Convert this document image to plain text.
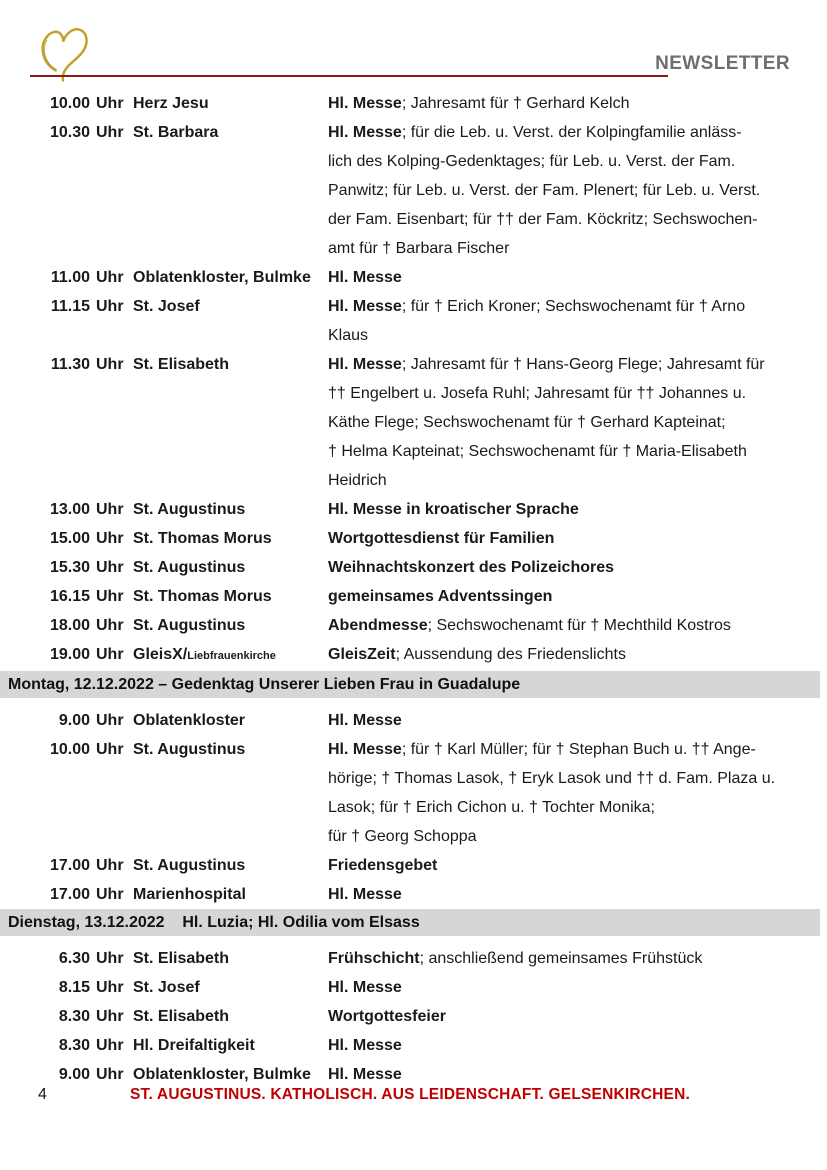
NEWSLETTER
10.00 Uhr Herz Jesu	Hl. Messe; Jahresamt für † Gerhard Kelch
10.30 Uhr St. Barbara	Hl. Messe; für die Leb. u. Verst. der Kolpingfamilie anläss-
lich des Kolping-Gedenktages; für Leb. u. Verst. der Fam.
Panwitz; für Leb. u. Verst. der Fam. Plenert; für Leb. u. Verst.
der Fam. Eisenbart; für †† der Fam. Köckritz; Sechswochen-
amt für † Barbara Fischer
11.00 Uhr Oblatenkloster, Bulmke	Hl. Messe
11.15 Uhr St. Josef	Hl. Messe; für † Erich Kroner; Sechswochenamt für † Arno
Klaus
11.30 Uhr St. Elisabeth	Hl. Messe; Jahresamt für † Hans-Georg Flege; Jahresamt für
†† Engelbert u. Josefa Ruhl; Jahresamt für †† Johannes u.
Käthe Flege; Sechswochenamt für † Gerhard Kapteinat;
† Helma Kapteinat; Sechswochenamt für † Maria-Elisabeth
Heidrich
13.00 Uhr St. Augustinus	Hl. Messe in kroatischer Sprache
15.00 Uhr St. Thomas Morus	Wortgottesdienst für Familien
15.30 Uhr St. Augustinus	Weihnachtskonzert des Polizeichores
16.15 Uhr St. Thomas Morus	gemeinsames Adventssingen
18.00 Uhr St. Augustinus	Abendmesse; Sechswochenamt für † Mechthild Kostros
19.00 Uhr GleisX/Liebfrauenkirche	GleisZeit; Aussendung des Friedenslichts
Montag, 12.12.2022 – Gedenktag Unserer Lieben Frau in Guadalupe
9.00 Uhr Oblatenkloster	Hl. Messe
10.00 Uhr St. Augustinus	Hl. Messe; für † Karl Müller; für † Stephan Buch u. †† Ange-
hörige; † Thomas Lasok, † Eryk Lasok und †† d. Fam. Plaza u.
Lasok; für † Erich Cichon u. † Tochter Monika;
für † Georg Schoppa
17.00 Uhr St. Augustinus	Friedensgebet
17.00 Uhr Marienhospital	Hl. Messe
Dienstag, 13.12.2022    Hl. Luzia; Hl. Odilia vom Elsass
6.30 Uhr St. Elisabeth	Frühschicht; anschließend gemeinsames Frühstück
8.15 Uhr St. Josef	Hl. Messe
8.30 Uhr St. Elisabeth	Wortgottesfeier
8.30 Uhr Hl. Dreifaltigkeit	Hl. Messe
9.00 Uhr Oblatenkloster, Bulmke	Hl. Messe
4	ST. AUGUSTINUS. KATHOLISCH. AUS LEIDENSCHAFT. GELSENKIRCHEN.
